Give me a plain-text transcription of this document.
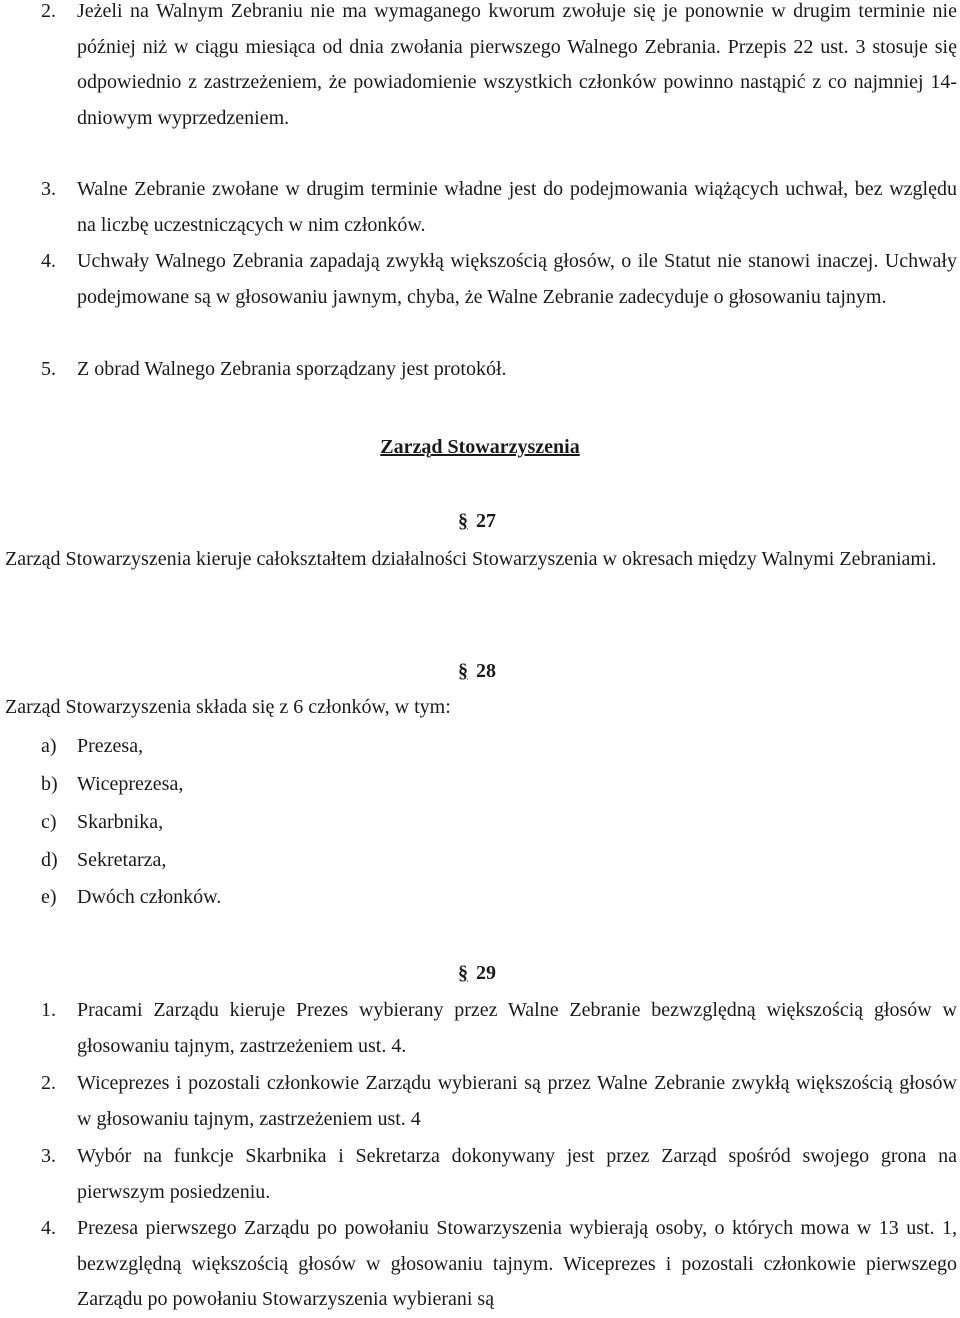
2.	Jeżeli na Walnym Zebraniu nie ma wymaganego kworum zwołuje się je ponownie w drugim terminie nie później niż w ciągu miesiąca od dnia zwołania pierwszego Walnego Zebrania. Przepis 22 ust. 3 stosuje się odpowiednio z zastrzeżeniem, że powiadomienie wszystkich członków powinno nastąpić z co najmniej 14-dniowym wyprzedzeniem.
3.	Walne Zebranie zwołane w drugim terminie władne jest do podejmowania wiążących uchwał, bez względu na liczbę uczestniczących w nim członków.
4.	Uchwały Walnego Zebrania zapadają zwykłą większością głosów, o ile Statut nie stanowi inaczej. Uchwały podejmowane są w głosowaniu jawnym, chyba, że Walne Zebranie zadecyduje o głosowaniu tajnym.
5.	Z obrad Walnego Zebrania sporządzany jest protokół.
Zarząd Stowarzyszenia
§ 27
Zarząd Stowarzyszenia kieruje całokształtem działalności Stowarzyszenia w okresach między Walnymi Zebraniami.
§ 28
Zarząd Stowarzyszenia składa się z 6 członków, w tym:
a)	Prezesa,
b) Wiceprezesa,
c)	Skarbnika,
d) Sekretarza,
e)	Dwóch członków.
§ 29
1.	Pracami Zarządu kieruje Prezes wybierany przez Walne Zebranie bezwzględną większością głosów w głosowaniu tajnym, zastrzeżeniem ust. 4.
2.	Wiceprezes i pozostali członkowie Zarządu wybierani są przez Walne Zebranie zwykłą większością głosów w głosowaniu tajnym, zastrzeżeniem ust. 4
3.	Wybór na funkcje Skarbnika i Sekretarza dokonywany jest przez Zarząd spośród swojego grona na pierwszym posiedzeniu.
4.	Prezesa pierwszego Zarządu po powołaniu Stowarzyszenia wybierają osoby, o których mowa w 13 ust. 1, bezwzględną większością głosów w głosowaniu tajnym. Wiceprezes i pozostali członkowie pierwszego Zarządu po powołaniu Stowarzyszenia wybierani są
